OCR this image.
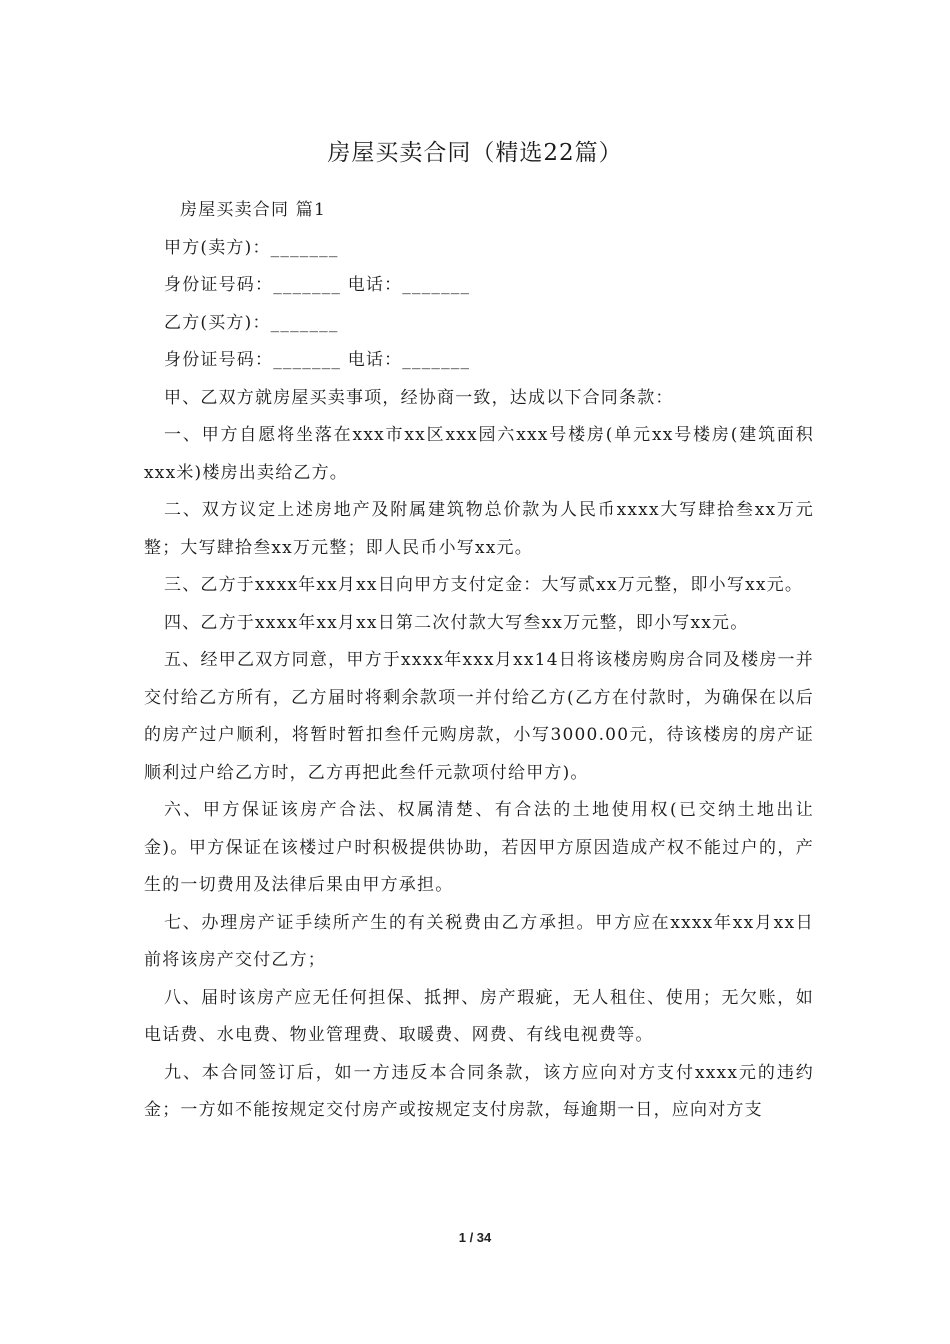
房屋买卖合同（精选22篇）

房屋买卖合同 篇1

甲方(卖方)：_______

身份证号码：_______ 电话：_______

乙方(买方)：_______

身份证号码：_______ 电话：_______

甲、乙双方就房屋买卖事项，经协商一致，达成以下合同条款：

一、甲方自愿将坐落在xxx市xx区xxx园六xxx号楼房(单元xx号楼房(建筑面积xxx米)楼房出卖给乙方。

二、双方议定上述房地产及附属建筑物总价款为人民币xxxx大写肆拾叁xx万元整；大写肆拾叁xx万元整；即人民币小写xx元。

三、乙方于xxxx年xx月xx日向甲方支付定金：大写贰xx万元整，即小写xx元。

四、乙方于xxxx年xx月xx日第二次付款大写叁xx万元整，即小写xx元。

五、经甲乙双方同意，甲方于xxxx年xxx月xx14日将该楼房购房合同及楼房一并交付给乙方所有，乙方届时将剩余款项一并付给乙方(乙方在付款时，为确保在以后的房产过户顺利，将暂时暂扣叁仟元购房款，小写3000.00元，待该楼房的房产证顺利过户给乙方时，乙方再把此叁仟元款项付给甲方)。

六、甲方保证该房产合法、权属清楚、有合法的土地使用权(已交纳土地出让金)。甲方保证在该楼过户时积极提供协助，若因甲方原因造成产权不能过户的，产生的一切费用及法律后果由甲方承担。

七、办理房产证手续所产生的有关税费由乙方承担。甲方应在xxxx年xx月xx日前将该房产交付乙方；

八、届时该房产应无任何担保、抵押、房产瑕疵，无人租住、使用；无欠账，如电话费、水电费、物业管理费、取暖费、网费、有线电视费等。

九、本合同签订后，如一方违反本合同条款，该方应向对方支付xxxx元的违约金；一方如不能按规定交付房产或按规定支付房款，每逾期一日，应向对方支

1 / 34
